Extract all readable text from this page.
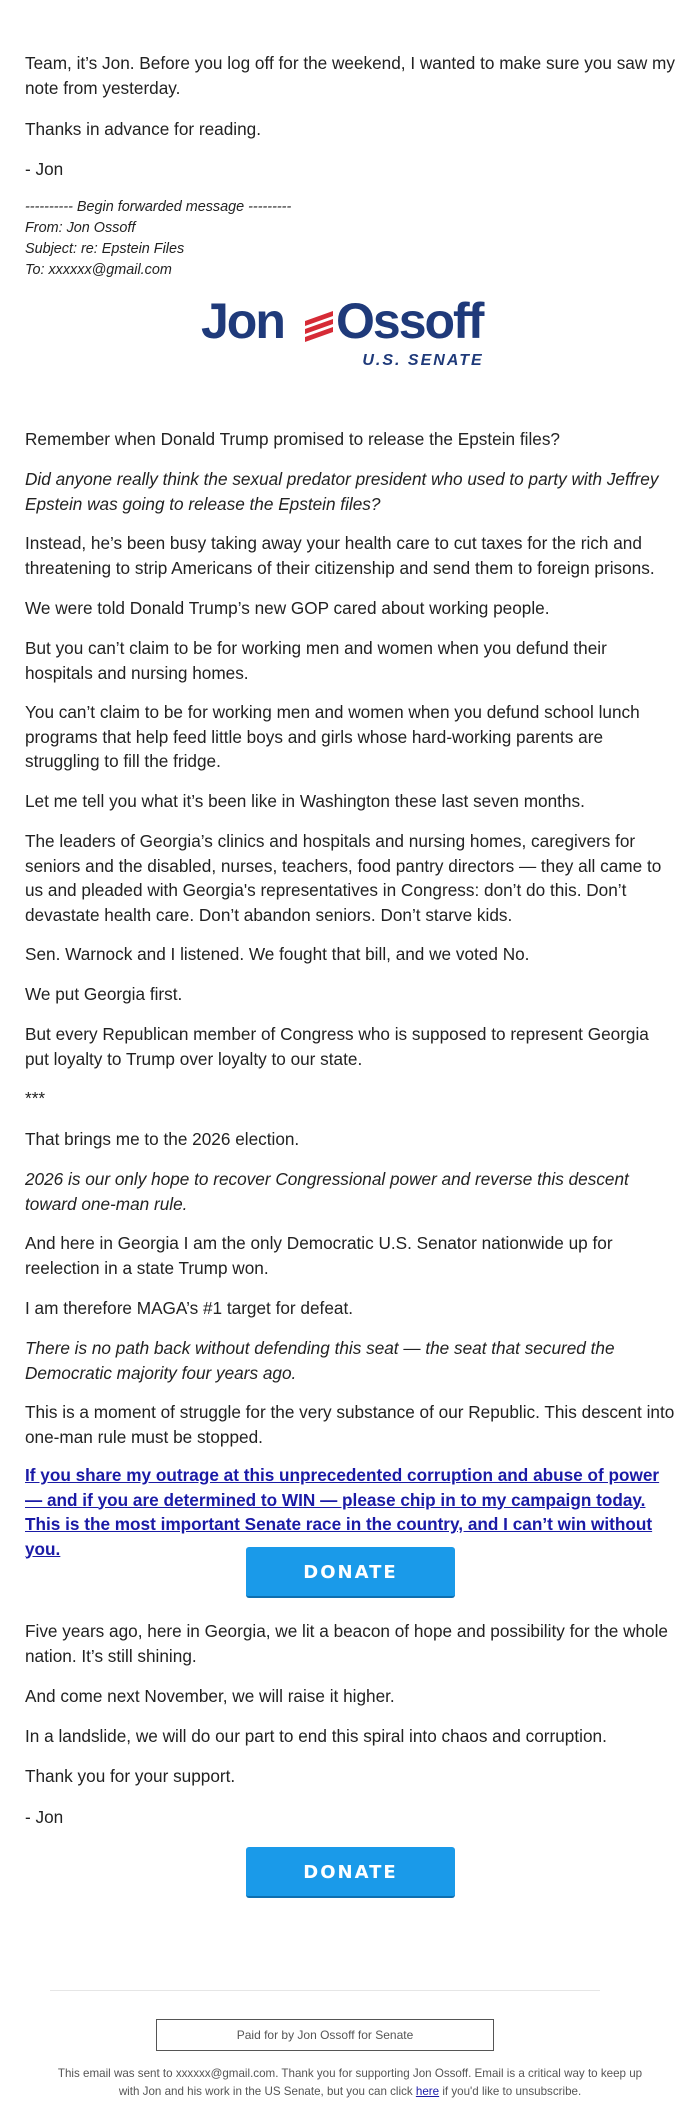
Team, it’s Jon. Before you log off for the weekend, I wanted to make sure you saw my note from yesterday.

Thanks in advance for reading.

- Jon

---------- Begin forwarded message ---------
From: Jon Ossoff
Subject: re: Epstein Files
To: xxxxxx@gmail.com
Jon Ossoff
U.S. SENATE

Remember when Donald Trump promised to release the Epstein files?

Did anyone really think the sexual predator president who used to party with Jeffrey Epstein was going to release the Epstein files?

Instead, he’s been busy taking away your health care to cut taxes for the rich and threatening to strip Americans of their citizenship and send them to foreign prisons.

We were told Donald Trump’s new GOP cared about working people.

But you can’t claim to be for working men and women when you defund their hospitals and nursing homes.

You can’t claim to be for working men and women when you defund school lunch programs that help feed little boys and girls whose hard-working parents are struggling to fill the fridge.

Let me tell you what it’s been like in Washington these last seven months.

The leaders of Georgia’s clinics and hospitals and nursing homes, caregivers for seniors and the disabled, nurses, teachers, food pantry directors — they all came to us and pleaded with Georgia's representatives in Congress: don’t do this. Don’t devastate health care. Don’t abandon seniors. Don’t starve kids.

Sen. Warnock and I listened. We fought that bill, and we voted No.

We put Georgia first.

But every Republican member of Congress who is supposed to represent Georgia put loyalty to Trump over loyalty to our state.

***

That brings me to the 2026 election.

2026 is our only hope to recover Congressional power and reverse this descent toward one-man rule.

And here in Georgia I am the only Democratic U.S. Senator nationwide up for reelection in a state Trump won.

I am therefore MAGA’s #1 target for defeat.

There is no path back without defending this seat — the seat that secured the Democratic majority four years ago.

This is a moment of struggle for the very substance of our Republic. This descent into one-man rule must be stopped.

If you share my outrage at this unprecedented corruption and abuse of power — and if you are determined to WIN — please chip in to my campaign today. This is the most important Senate race in the country, and I can’t win without you.
DONATE

Five years ago, here in Georgia, we lit a beacon of hope and possibility for the whole nation. It’s still shining.

And come next November, we will raise it higher.

In a landslide, we will do our part to end this spiral into chaos and corruption.

Thank you for your support.

- Jon

DONATE
Paid for by Jon Ossoff for Senate
This email was sent to xxxxxx@gmail.com. Thank you for supporting Jon Ossoff. Email is a critical way to keep up with Jon and his work in the US Senate, but you can click here if you'd like to unsubscribe.
